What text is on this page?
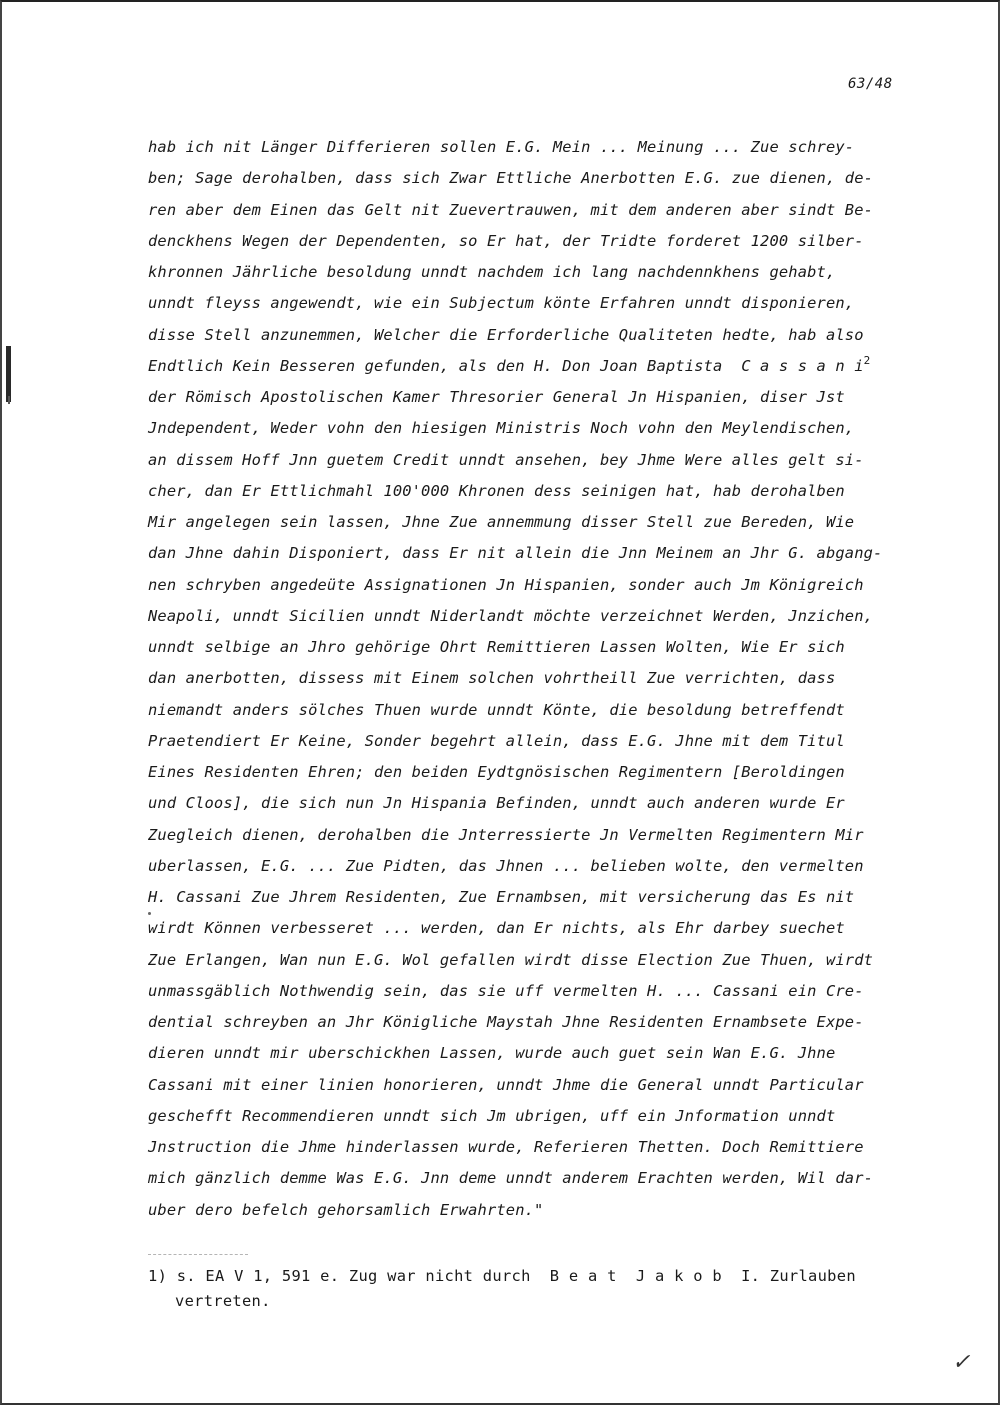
63/48
hab ich nit Länger Differieren sollen E.G. Mein ... Meinung ... Zue schrey-
ben; Sage derohalben, dass sich Zwar Ettliche Anerbotten E.G. zue dienen, de-
ren aber dem Einen das Gelt nit Zuevertrauwen, mit dem anderen aber sindt Be-
denckhens Wegen der Dependenten, so Er hat, der Tridte forderet 1200 silber-
khronnen Jährliche besoldung unndt nachdem ich lang nachdennkhens gehabt,
unndt fleyss angewendt, wie ein Subjectum könte Erfahren unndt disponieren,
disse Stell anzunemmen, Welcher die Erforderliche Qualiteten hedte, hab also
Endtlich Kein Besseren gefunden, als den H. Don Joan Baptista  C a s s a n $i^2$
der Römisch Apostolischen Kamer Thresorier General Jn Hispanien, diser Jst
Jndependent, Weder vohn den hiesigen Ministris Noch vohn den Meylendischen,
an dissem Hoff Jnn guetem Credit unndt ansehen, bey Jhme Were alles gelt si-
cher, dan Er Ettlichmahl 100'000 Khronen dess seinigen hat, hab derohalben
Mir angelegen sein lassen, Jhne Zue annemmung disser Stell zue Bereden, Wie
dan Jhne dahin Disponiert, dass Er nit allein die Jnn Meinem an Jhr G. abgang-
nen schryben angedeüte Assignationen Jn Hispanien, sonder auch Jm Königreich
Neapoli, unndt Sicilien unndt Niderlandt möchte verzeichnet Werden, Jnzichen,
unndt selbige an Jhro gehörige Ohrt Remittieren Lassen Wolten, Wie Er sich
dan anerbotten, dissess mit Einem solchen vohrtheill Zue verrichten, dass
niemandt anders sölches Thuen wurde unndt Könte, die besoldung betreffendt
Praetendiert Er Keine, Sonder begehrt allein, dass E.G. Jhne mit dem Titul
Eines Residenten Ehren; den beiden Eydtgnösischen Regimentern [Beroldingen
und Cloos], die sich nun Jn Hispania Befinden, unndt auch anderen wurde Er
Zuegleich dienen, derohalben die Jnterressierte Jn Vermelten Regimentern Mir
uberlassen, E.G. ... Zue Pidten, das Jhnen ... belieben wolte, den vermelten
H. Cassani Zue Jhrem Residenten, Zue Ernambsen, mit versicherung das Es nit
wirdt Können verbesseret ... werden, dan Er nichts, als Ehr darbey suechet
Zue Erlangen, Wan nun E.G. Wol gefallen wirdt disse Election Zue Thuen, wirdt
unmassgäblich Nothwendig sein, das sie uff vermelten H. ... Cassani ein Cre-
dential schreyben an Jhr Königliche Maystah Jhne Residenten Ernambsete Expe-
dieren unndt mir uberschickhen Lassen, wurde auch guet sein Wan E.G. Jhne
Cassani mit einer linien honorieren, unndt Jhme die General unndt Particular
geschefft Recommendieren unndt sich Jm ubrigen, uff ein Jnformation unndt
Jnstruction die Jhme hinderlassen wurde, Referieren Thetten. Doch Remittiere
mich gänzlich demme Was E.G. Jnn deme unndt anderem Erachten werden, Wil dar-
uber dero befelch gehorsamlich Erwahrten."
1) s. EA V 1, 591 e. Zug war nicht durch  B e a t  J a k o b  I. Zurlauben
vertreten.
✓
